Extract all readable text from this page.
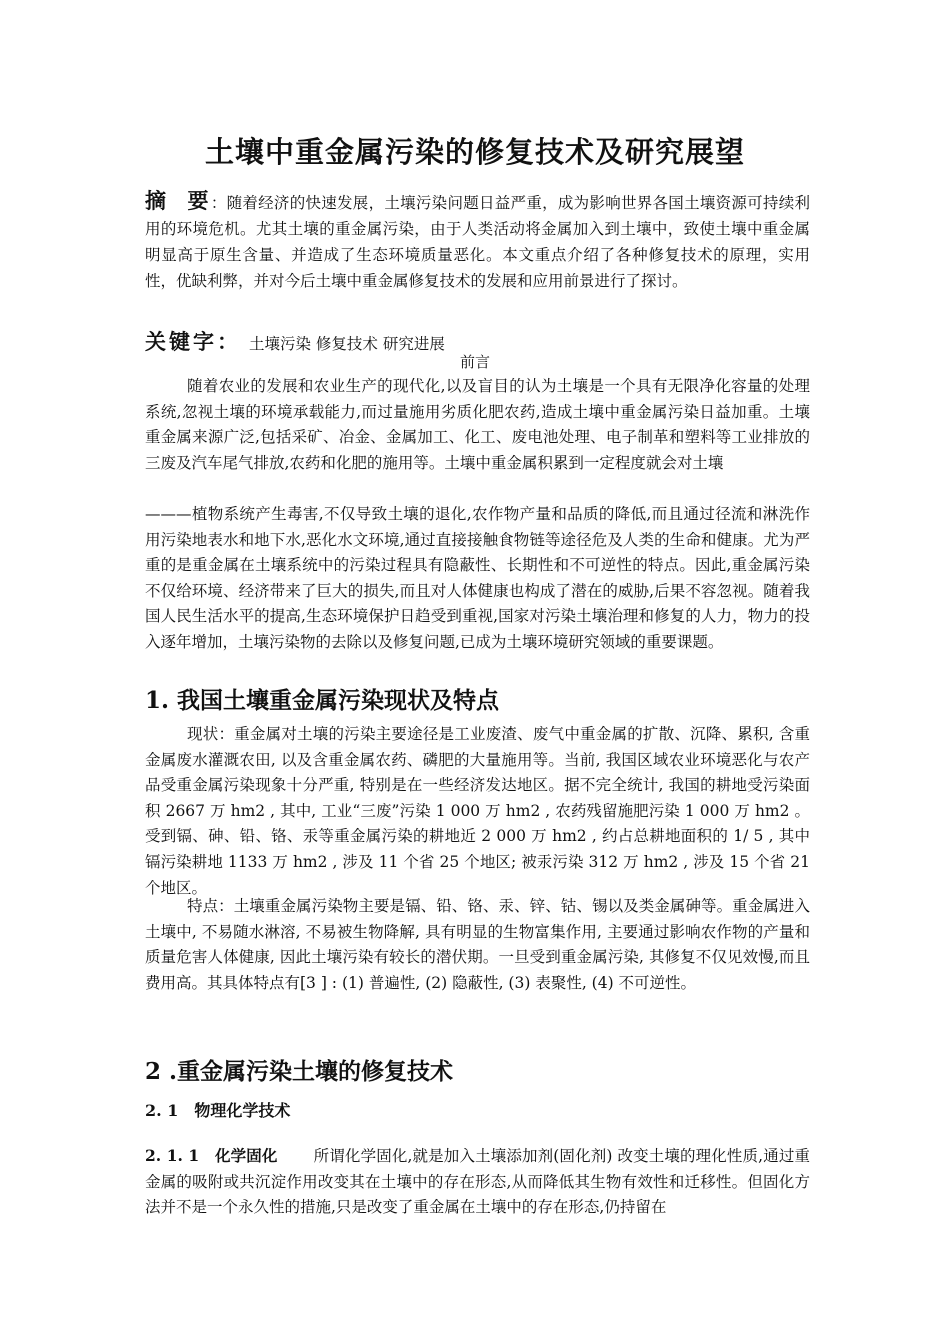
土壤中重金属污染的修复技术及研究展望

摘　要 ：随着经济的快速发展，土壤污染问题日益严重，成为影响世界各国土壤资源可持续利用的环境危机。尤其土壤的重金属污染，由于人类活动将金属加入到土壤中，致使土壤中重金属明显高于原生含量、并造成了生态环境质量恶化。本文重点介绍了各种修复技术的原理，实用性，优缺利弊，并对今后土壤中重金属修复技术的发展和应用前景进行了探讨。

关键字： 土壤污染 修复技术 研究进展
前言

随着农业的发展和农业生产的现代化,以及盲目的认为土壤是一个具有无限净化容量的处理系统,忽视土壤的环境承载能力,而过量施用劣质化肥农药,造成土壤中重金属污染日益加重。土壤重金属来源广泛,包括采矿、冶金、金属加工、化工、废电池处理、电子制革和塑料等工业排放的三废及汽车尾气排放,农药和化肥的施用等。土壤中重金属积累到一定程度就会对土壤

———植物系统产生毒害,不仅导致土壤的退化,农作物产量和品质的降低,而且通过径流和淋洗作用污染地表水和地下水,恶化水文环境,通过直接接触食物链等途径危及人类的生命和健康。尤为严重的是重金属在土壤系统中的污染过程具有隐蔽性、长期性和不可逆性的特点。因此,重金属污染不仅给环境、经济带来了巨大的损失,而且对人体健康也构成了潜在的威胁,后果不容忽视。随着我国人民生活水平的提高,生态环境保护日趋受到重视,国家对污染土壤治理和修复的人力，物力的投入逐年增加，土壤污染物的去除以及修复问题,已成为土壤环境研究领域的重要课题。

1. 我国土壤重金属污染现状及特点

现状：重金属对土壤的污染主要途径是工业废渣、废气中重金属的扩散、沉降、累积, 含重金属废水灌溉农田, 以及含重金属农药、磷肥的大量施用等。当前, 我国区域农业环境恶化与农产品受重金属污染现象十分严重, 特别是在一些经济发达地区。据不完全统计, 我国的耕地受污染面积 2667 万 hm2 , 其中, 工业“三废”污染 1 000 万 hm2 , 农药残留施肥污染 1 000 万 hm2 。受到镉、砷、铅、铬、汞等重金属污染的耕地近 2 000 万 hm2 , 约占总耕地面积的 1/ 5 , 其中镉污染耕地 1133 万 hm2 , 涉及 11 个省 25 个地区; 被汞污染 312 万 hm2 , 涉及 15 个省 21 个地区。

特点：土壤重金属污染物主要是镉、铅、铬、汞、锌、钴、锡以及类金属砷等。重金属进入土壤中, 不易随水淋溶, 不易被生物降解, 具有明显的生物富集作用, 主要通过影响农作物的产量和质量危害人体健康, 因此土壤污染有较长的潜伏期。一旦受到重金属污染, 其修复不仅见效慢,而且费用高。其具体特点有[3 ] : (1) 普遍性, (2) 隐蔽性, (3) 表聚性, (4) 不可逆性。

2 .重金属污染土壤的修复技术
2. 1　物理化学技术

2. 1. 1　化学固化 所谓化学固化,就是加入土壤添加剂(固化剂) 改变土壤的理化性质,通过重金属的吸附或共沉淀作用改变其在土壤中的存在形态,从而降低其生物有效性和迁移性。但固化方法并不是一个永久性的措施,只是改变了重金属在土壤中的存在形态,仍持留在
